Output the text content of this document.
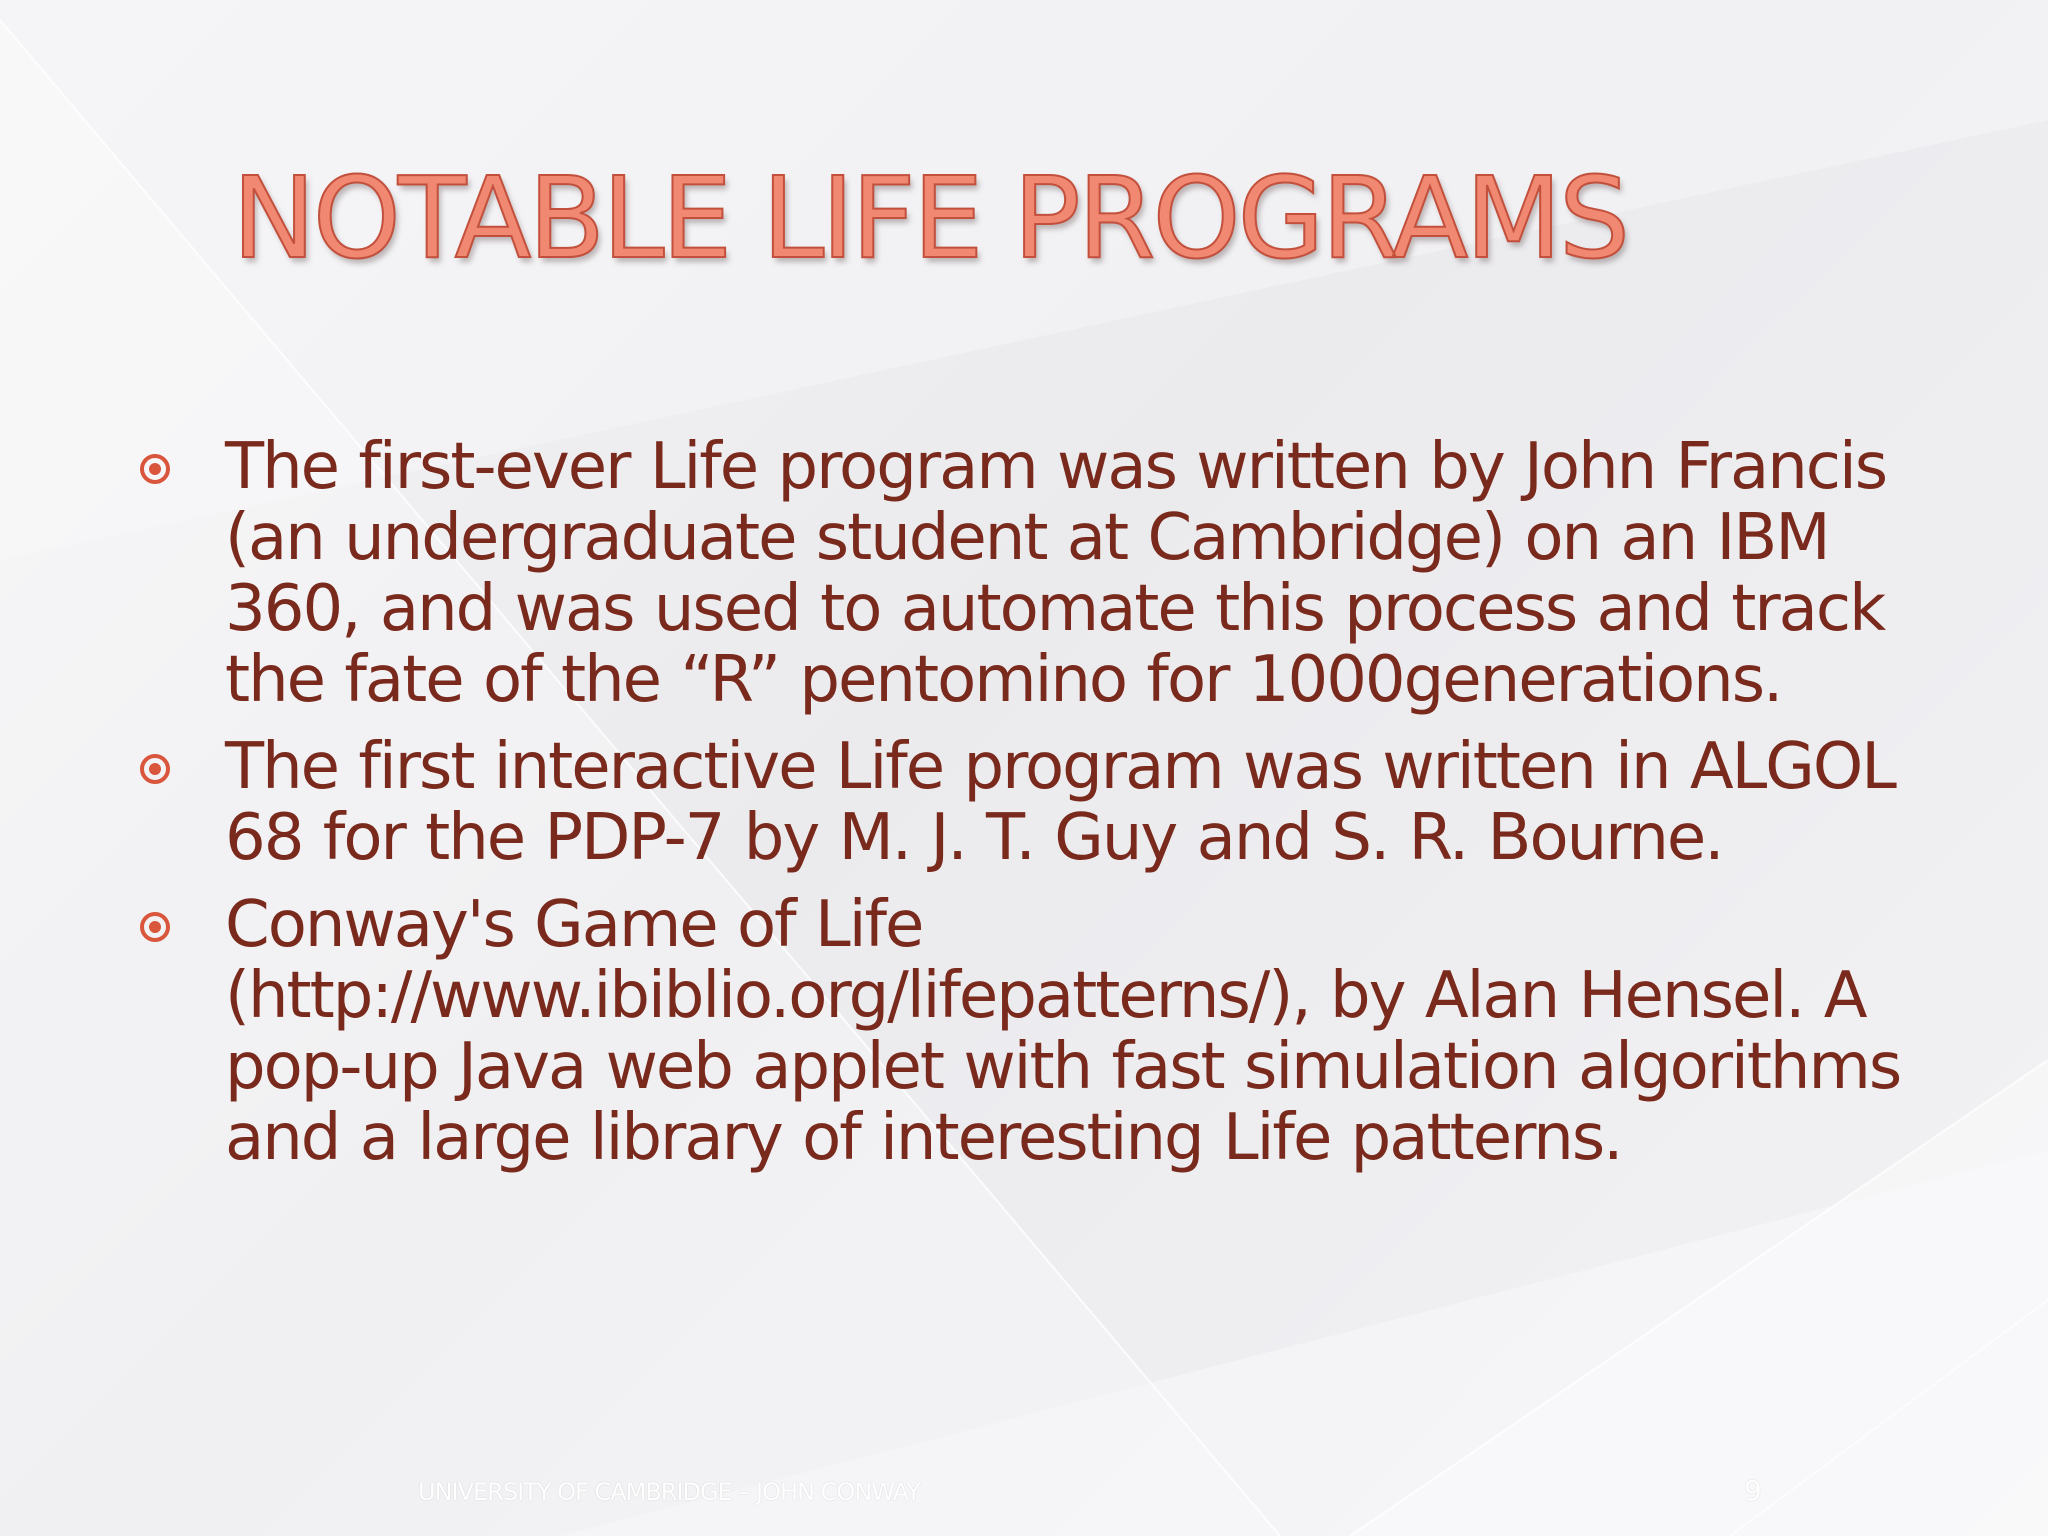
NOTABLE LIFE PROGRAMS
The first-ever Life program was written by John Francis (an undergraduate student at Cambridge) on an IBM 360, and was used to automate this process and track the fate of the “R” pentomino for 1000generations.
The first interactive Life program was written in ALGOL 68 for the PDP-7 by M. J. T. Guy and S. R. Bourne.
Conway's Game of Life (http://www.ibiblio.org/lifepatterns/), by Alan Hensel. A pop-up Java web applet with fast simulation algorithms and a large library of interesting Life patterns.
UNIVERSITY OF CAMBRIDGE – JOHN CONWAY	9
